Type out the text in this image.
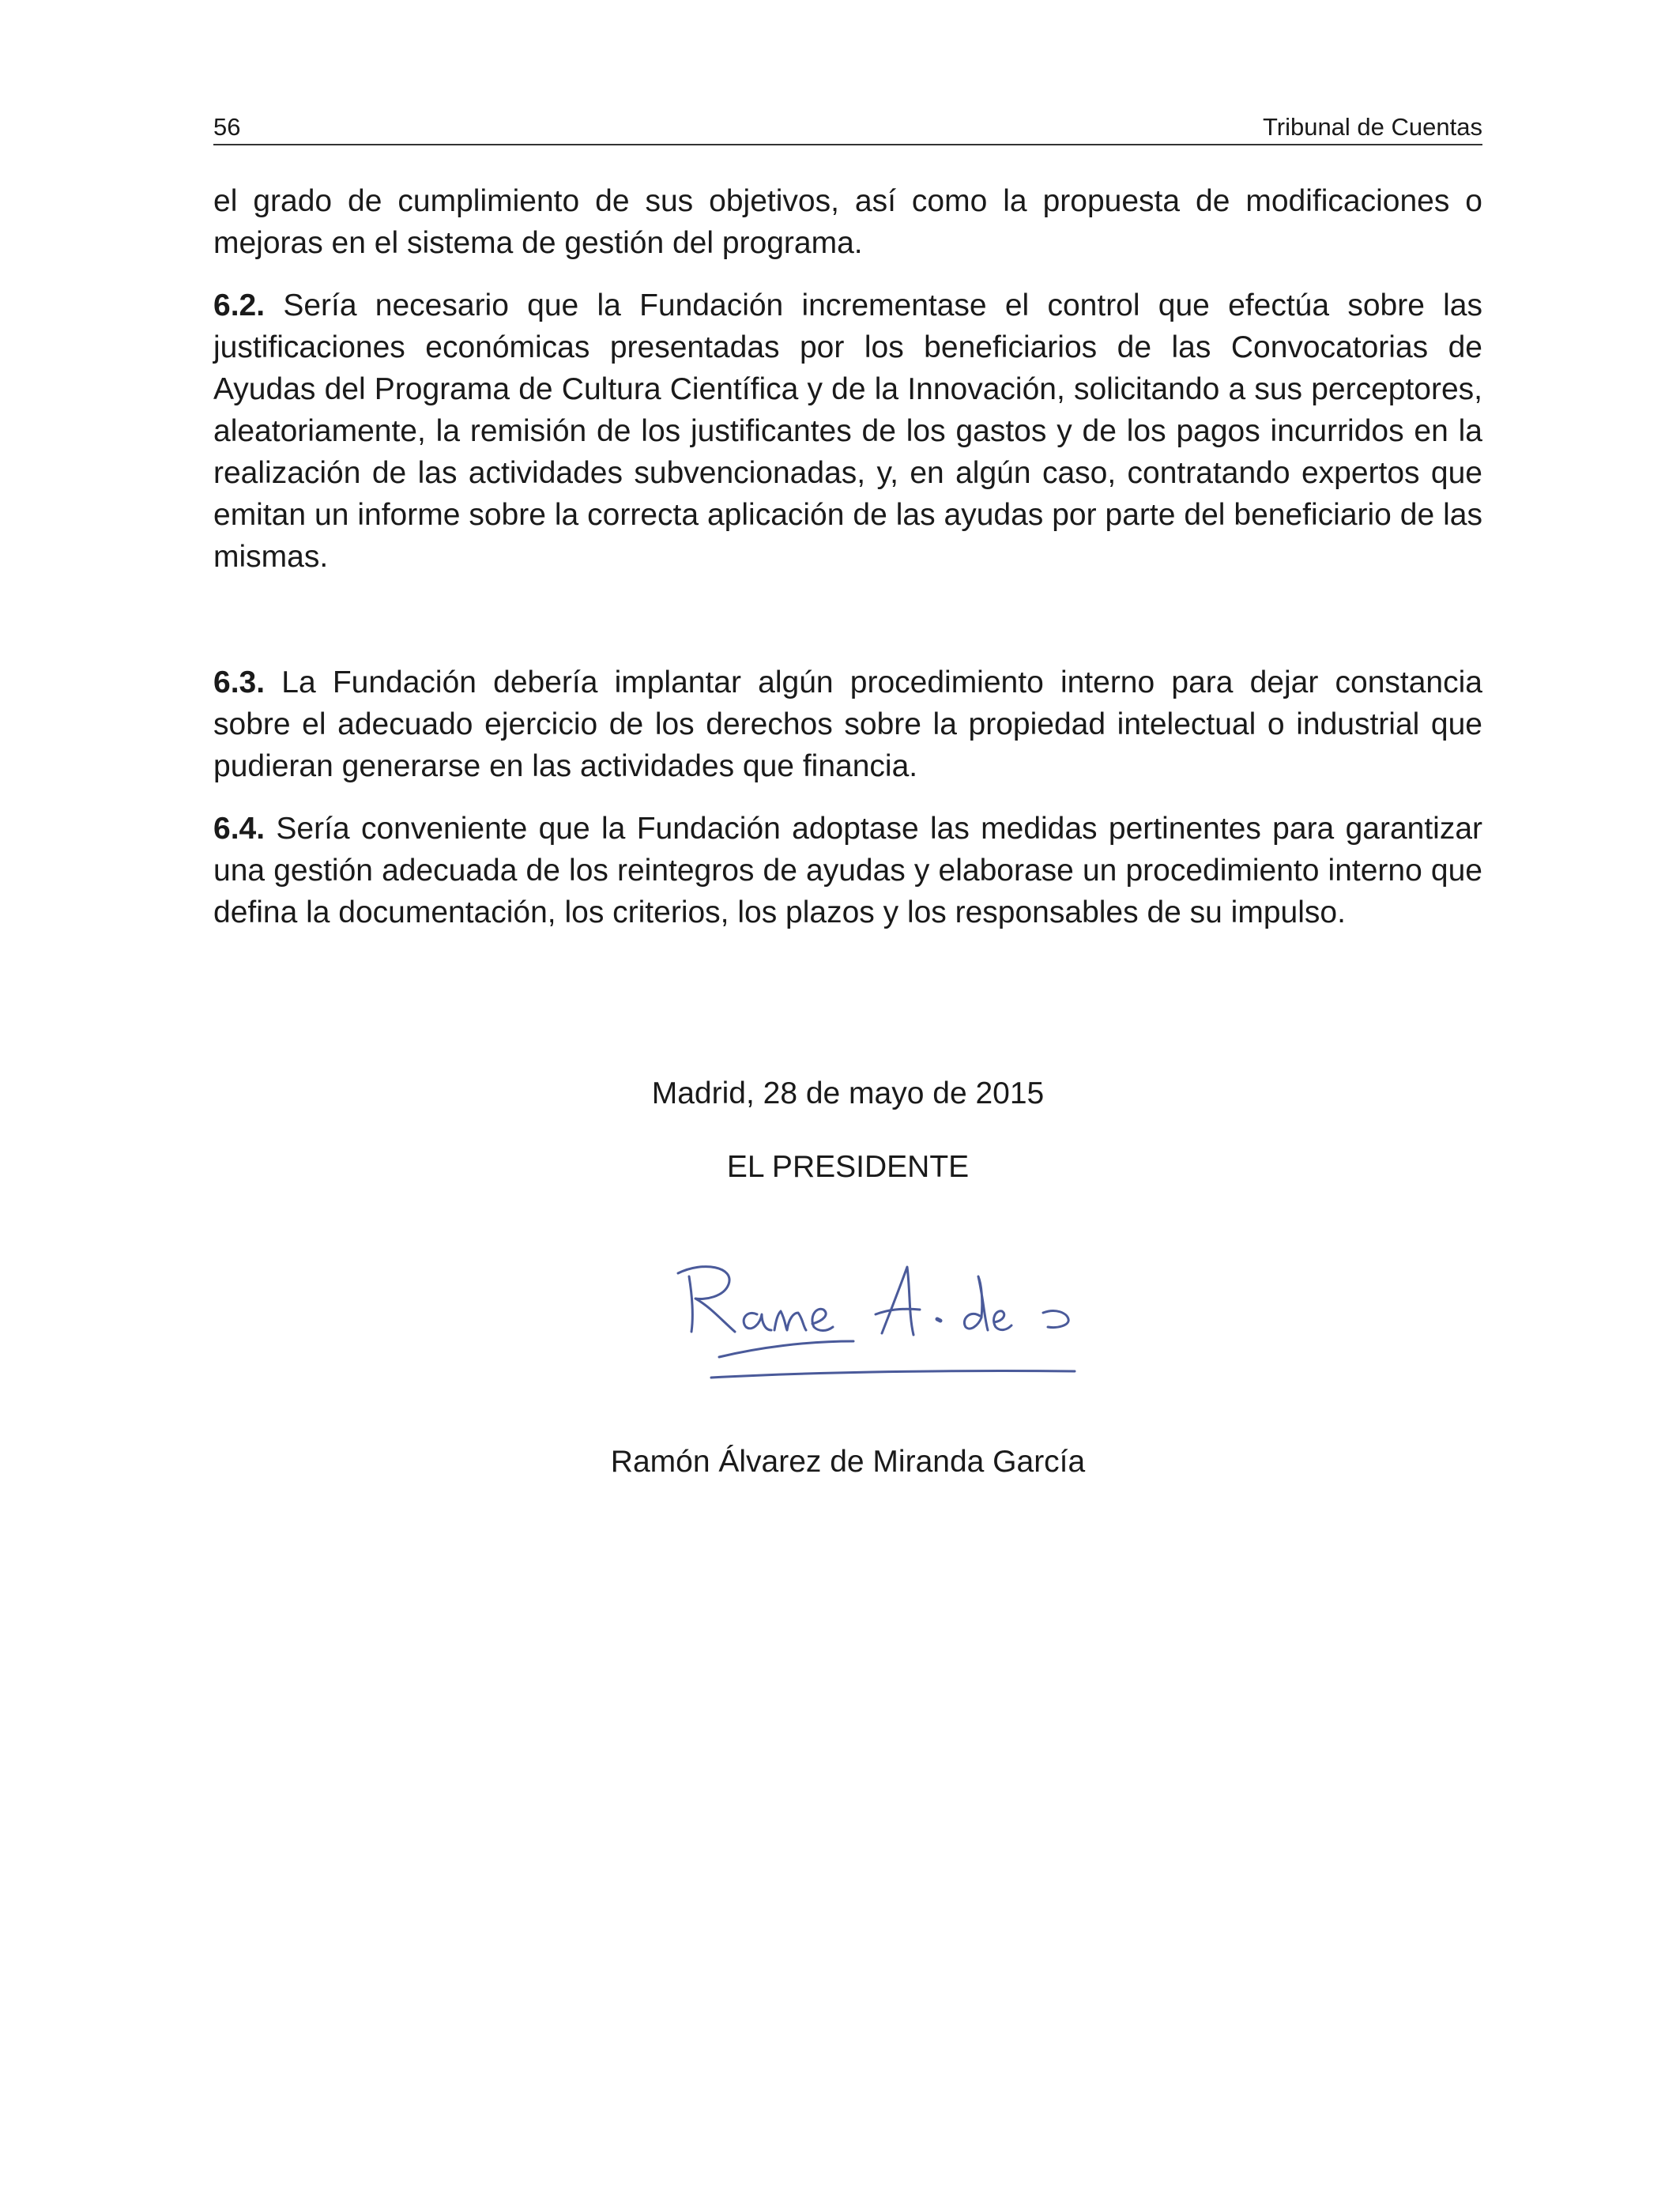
56	Tribunal de Cuentas

el grado de cumplimiento de sus objetivos, así como la propuesta de modificaciones o mejoras en el sistema de gestión del programa.

6.2. Sería necesario que la Fundación incrementase el control que efectúa sobre las justificaciones económicas presentadas por los beneficiarios de las Convocatorias de Ayudas del Programa de Cultura Científica y de la Innovación, solicitando a sus perceptores, aleatoriamente, la remisión de los justificantes de los gastos y de los pagos incurridos en la realización de las actividades subvencionadas, y, en algún caso, contratando expertos que emitan un informe sobre la correcta aplicación de las ayudas por parte del beneficiario de las mismas.

6.3. La Fundación debería implantar algún procedimiento interno para dejar constancia sobre el adecuado ejercicio de los derechos sobre la propiedad intelectual o industrial que pudieran generarse en las actividades que financia.

6.4. Sería conveniente que la Fundación adoptase las medidas pertinentes para garantizar una gestión adecuada de los reintegros de ayudas y elaborase un procedimiento interno que defina la documentación, los criterios, los plazos y los responsables de su impulso.

Madrid, 28 de mayo de 2015
EL PRESIDENTE
Ramón Álvarez de Miranda García
